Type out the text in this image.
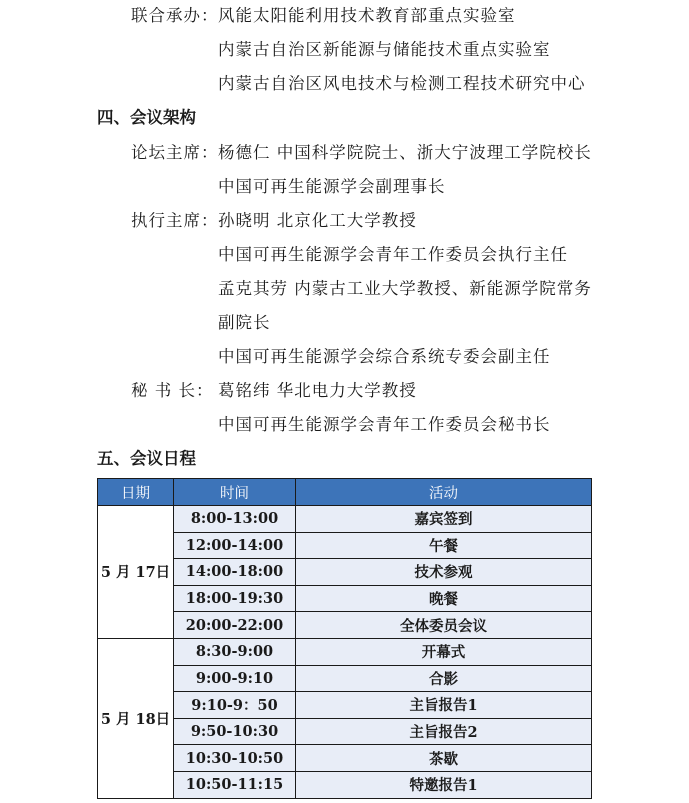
联合承办： 风能太阳能利用技术教育部重点实验室
内蒙古自治区新能源与储能技术重点实验室
内蒙古自治区风电技术与检测工程技术研究中心
四、会议架构
论坛主席： 杨德仁 中国科学院院士、浙大宁波理工学院校长
中国可再生能源学会副理事长
执行主席： 孙晓明 北京化工大学教授
中国可再生能源学会青年工作委员会执行主任
孟克其劳 内蒙古工业大学教授、新能源学院常务
副院长
中国可再生能源学会综合系统专委会副主任
秘 书 长： 葛铭纬 华北电力大学教授
中国可再生能源学会青年工作委员会秘书长
五、会议日程
日期	时间	活动
5 月 17日	8:00-13:00	嘉宾签到
	12:00-14:00	午餐
	14:00-18:00	技术参观
	18:00-19:30	晚餐
	20:00-22:00	全体委员会议
5 月 18日	8:30-9:00	开幕式
	9:00-9:10	合影
	9:10-9：50	主旨报告1
	9:50-10:30	主旨报告2
	10:30-10:50	茶歇
	10:50-11:15	特邀报告1
